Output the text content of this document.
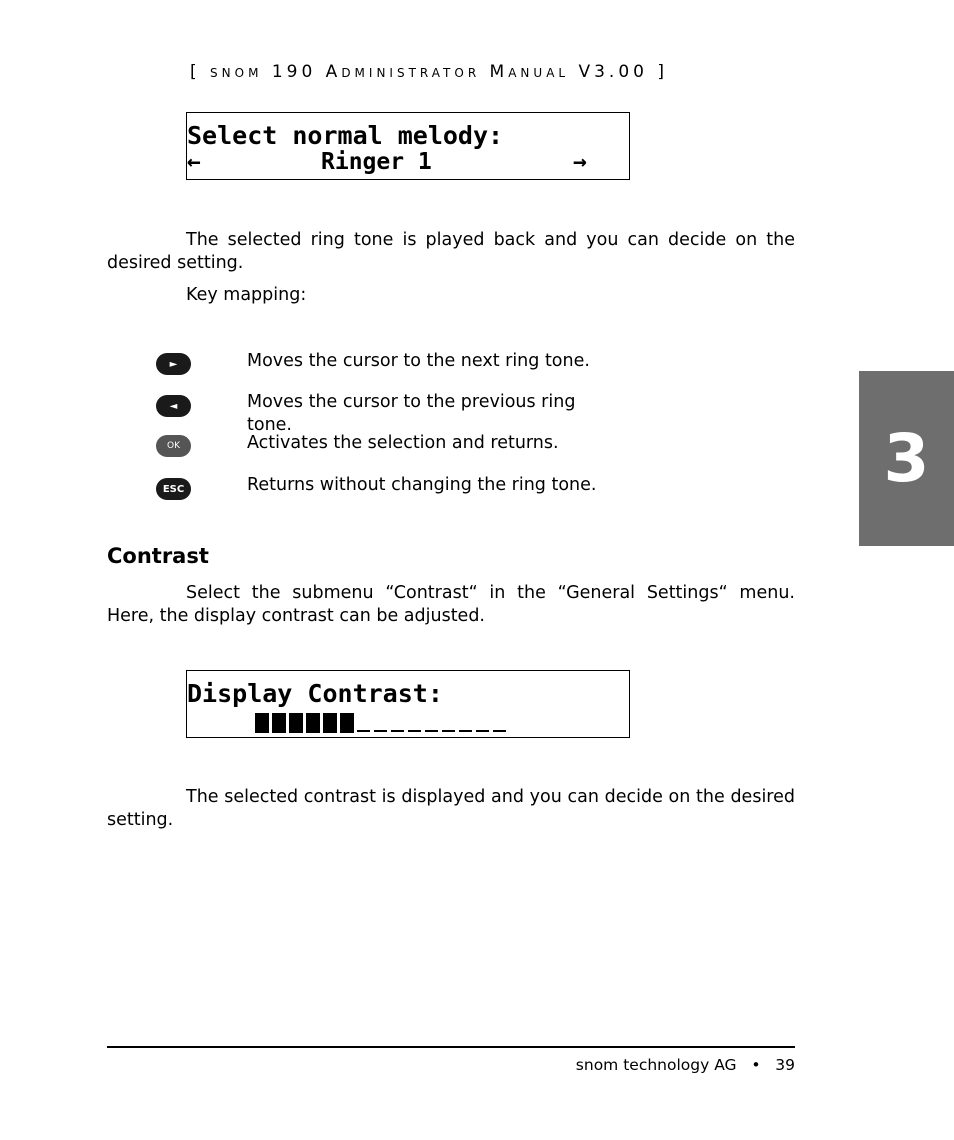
[ snom 190 Administrator Manual V3.00 ]
Select normal melody:
←	Ringer 1	→

The selected ring tone is played back and you can decide on the desired setting.

Key mapping:

►	Moves the cursor to the next ring tone.
◄	Moves the cursor to the previous ring tone.
OK	Activates the selection and returns.
ESC	Returns without changing the ring tone.
Contrast

Select the submenu “Contrast“ in the “General Settings“ menu. Here, the display contrast can be adjusted.

Display Contrast:

The selected contrast is displayed and you can decide on the desired setting.

3
snom technology AG • 39
